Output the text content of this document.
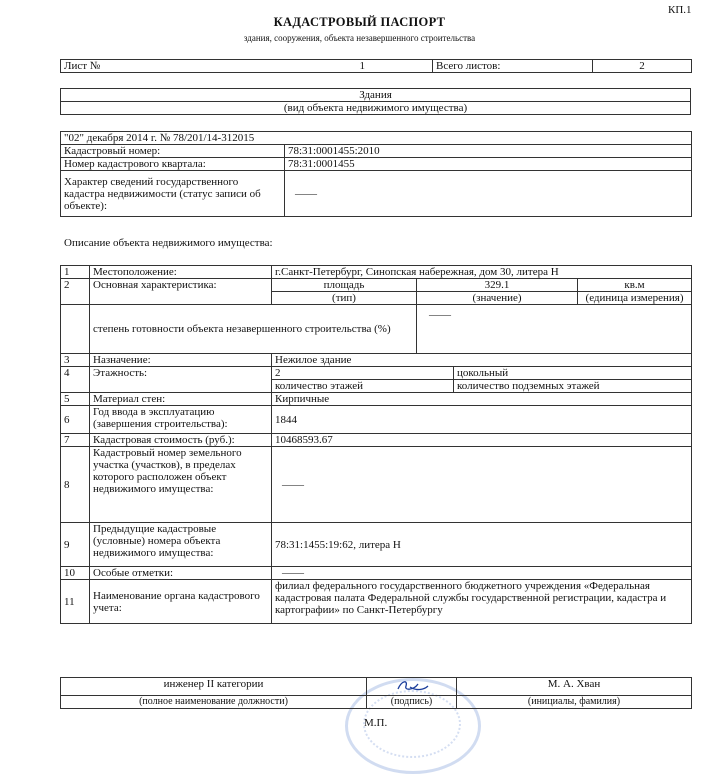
КП.1
КАДАСТРОВЫЙ ПАСПОРТ
здания, сооружения, объекта незавершенного строительства
Лист №	1	Всего листов:	2
Здания
(вид объекта недвижимого имущества)
"02" декабря 2014 г. № 78/201/14-312015	
Кадастровый номер:	78:31:0001455:2010
Номер кадастрового квартала:	78:31:0001455
Характер сведений государственного кадастра недвижимости (статус записи об объекте):	——
Описание объекта недвижимого имущества:
1	Местоположение:	г.Санкт-Петербург, Синопская набережная, дом 30, литера Н			
2	Основная характеристика:	площадь	329.1		кв.м
		(тип)	(значение)		(единица измерения)
	степень готовности объекта незавершенного строительства (%)		——		
3	Назначение:	Нежилое здание			
4	Этажность:	2		цокольный	
		количество этажей		количество подземных этажей	
5	Материал стен:	Кирпичные			
6	Год ввода в эксплуатацию (завершения строительства):	1844			
7	Кадастровая стоимость (руб.):	10468593.67			
8	Кадастровый номер земельного участка (участков), в пределах которого расположен объект недвижимого имущества:	——			
9	Предыдущие кадастровые (условные) номера объекта недвижимого имущества:	78:31:1455:19:62, литера Н			
10	Особые отметки:	——			
11	Наименование органа кадастрового учета:	филиал федерального государственного бюджетного учреждения «Федеральная кадастровая палата Федеральной службы государственной регистрации, кадастра и картографии» по Санкт-Петербургу			
инженер II категории		М. А. Хван
(полное наименование должности)	(подпись)	(инициалы, фамилия)
М.П.
